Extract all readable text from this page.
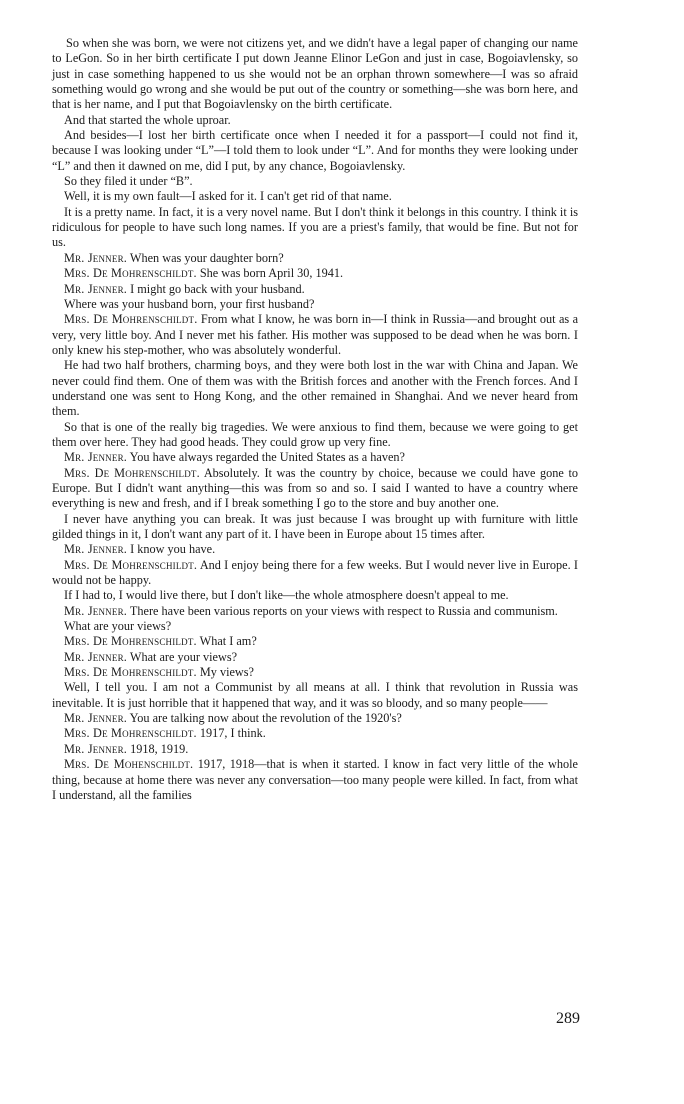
So when she was born, we were not citizens yet, and we didn't have a legal paper of changing our name to LeGon. So in her birth certificate I put down Jeanne Elinor LeGon and just in case, Bogoiavlensky, so just in case something happened to us she would not be an orphan thrown somewhere—I was so afraid something would go wrong and she would be put out of the country or something—she was born here, and that is her name, and I put that Bogoiavlensky on the birth certificate.

And that started the whole uproar.

And besides—I lost her birth certificate once when I needed it for a passport—I could not find it, because I was looking under “L”—I told them to look under “L”. And for months they were looking under “L” and then it dawned on me, did I put, by any chance, Bogoiavlensky.

So they filed it under “B”.

Well, it is my own fault—I asked for it. I can't get rid of that name.

It is a pretty name. In fact, it is a very novel name. But I don't think it belongs in this country. I think it is ridiculous for people to have such long names. If you are a priest's family, that would be fine. But not for us.

Mr. Jenner. When was your daughter born?

Mrs. De Mohrenschildt. She was born April 30, 1941.

Mr. Jenner. I might go back with your husband.

Where was your husband born, your first husband?

Mrs. De Mohrenschildt. From what I know, he was born in—I think in Russia—and brought out as a very, very little boy. And I never met his father. His mother was supposed to be dead when he was born. I only knew his step-mother, who was absolutely wonderful.

He had two half brothers, charming boys, and they were both lost in the war with China and Japan. We never could find them. One of them was with the British forces and another with the French forces. And I understand one was sent to Hong Kong, and the other remained in Shanghai. And we never heard from them.

So that is one of the really big tragedies. We were anxious to find them, because we were going to get them over here. They had good heads. They could grow up very fine.

Mr. Jenner. You have always regarded the United States as a haven?

Mrs. De Mohrenschildt. Absolutely. It was the country by choice, because we could have gone to Europe. But I didn't want anything—this was from so and so. I said I wanted to have a country where everything is new and fresh, and if I break something I go to the store and buy another one.

I never have anything you can break. It was just because I was brought up with furniture with little gilded things in it, I don't want any part of it. I have been in Europe about 15 times after.

Mr. Jenner. I know you have.

Mrs. De Mohrenschildt. And I enjoy being there for a few weeks. But I would never live in Europe. I would not be happy.

If I had to, I would live there, but I don't like—the whole atmosphere doesn't appeal to me.

Mr. Jenner. There have been various reports on your views with respect to Russia and communism.

What are your views?

Mrs. De Mohrenschildt. What I am?

Mr. Jenner. What are your views?

Mrs. De Mohrenschildt. My views?

Well, I tell you. I am not a Communist by all means at all. I think that revolution in Russia was inevitable. It is just horrible that it happened that way, and it was so bloody, and so many people——

Mr. Jenner. You are talking now about the revolution of the 1920's?

Mrs. De Mohrenschildt. 1917, I think.

Mr. Jenner. 1918, 1919.

Mrs. De Mohenschildt. 1917, 1918—that is when it started. I know in fact very little of the whole thing, because at home there was never any conversation—too many people were killed. In fact, from what I understand, all the families

289
